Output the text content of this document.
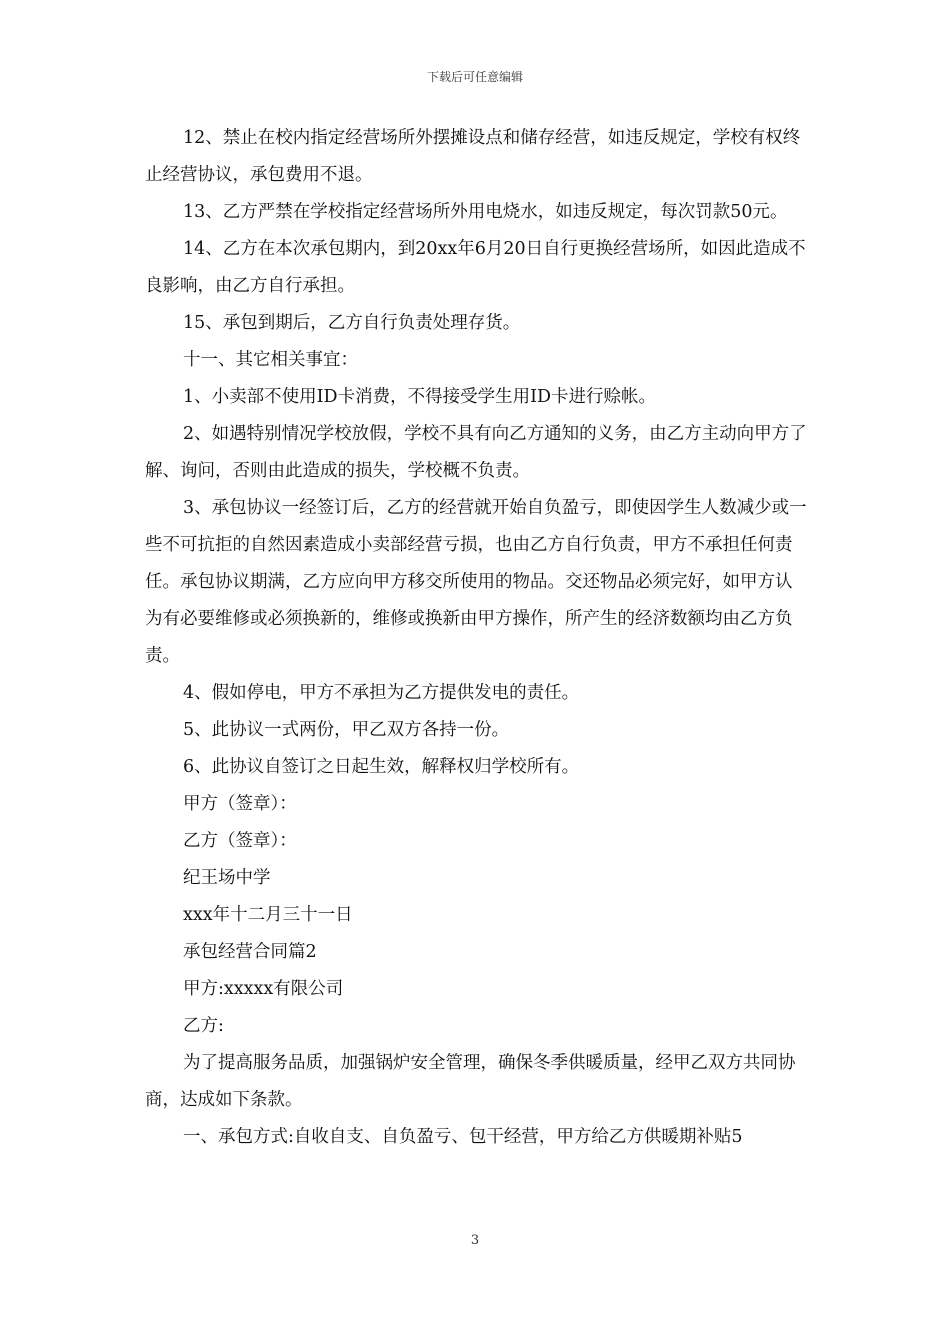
下载后可任意编辑

12、禁止在校内指定经营场所外摆摊设点和储存经营，如违反规定，学校有权终止经营协议，承包费用不退。

13、乙方严禁在学校指定经营场所外用电烧水，如违反规定，每次罚款50元。

14、乙方在本次承包期内，到20xx年6月20日自行更换经营场所，如因此造成不良影响，由乙方自行承担。

15、承包到期后，乙方自行负责处理存货。

十一、其它相关事宜：

1、小卖部不使用ID卡消费，不得接受学生用ID卡进行赊帐。

2、如遇特别情况学校放假，学校不具有向乙方通知的义务，由乙方主动向甲方了解、询问，否则由此造成的损失，学校概不负责。

3、承包协议一经签订后，乙方的经营就开始自负盈亏，即使因学生人数减少或一些不可抗拒的自然因素造成小卖部经营亏损，也由乙方自行负责，甲方不承担任何责任。承包协议期满，乙方应向甲方移交所使用的物品。交还物品必须完好，如甲方认为有必要维修或必须换新的，维修或换新由甲方操作，所产生的经济数额均由乙方负责。

4、假如停电，甲方不承担为乙方提供发电的责任。

5、此协议一式两份，甲乙双方各持一份。

6、此协议自签订之日起生效，解释权归学校所有。

甲方（签章）：

乙方（签章）：

纪王场中学

xxx年十二月三十一日

承包经营合同篇2

甲方:xxxxx有限公司

乙方:

为了提高服务品质，加强锅炉安全管理，确保冬季供暖质量，经甲乙双方共同协商，达成如下条款。

一、承包方式:自收自支、自负盈亏、包干经营，甲方给乙方供暖期补贴5

3
